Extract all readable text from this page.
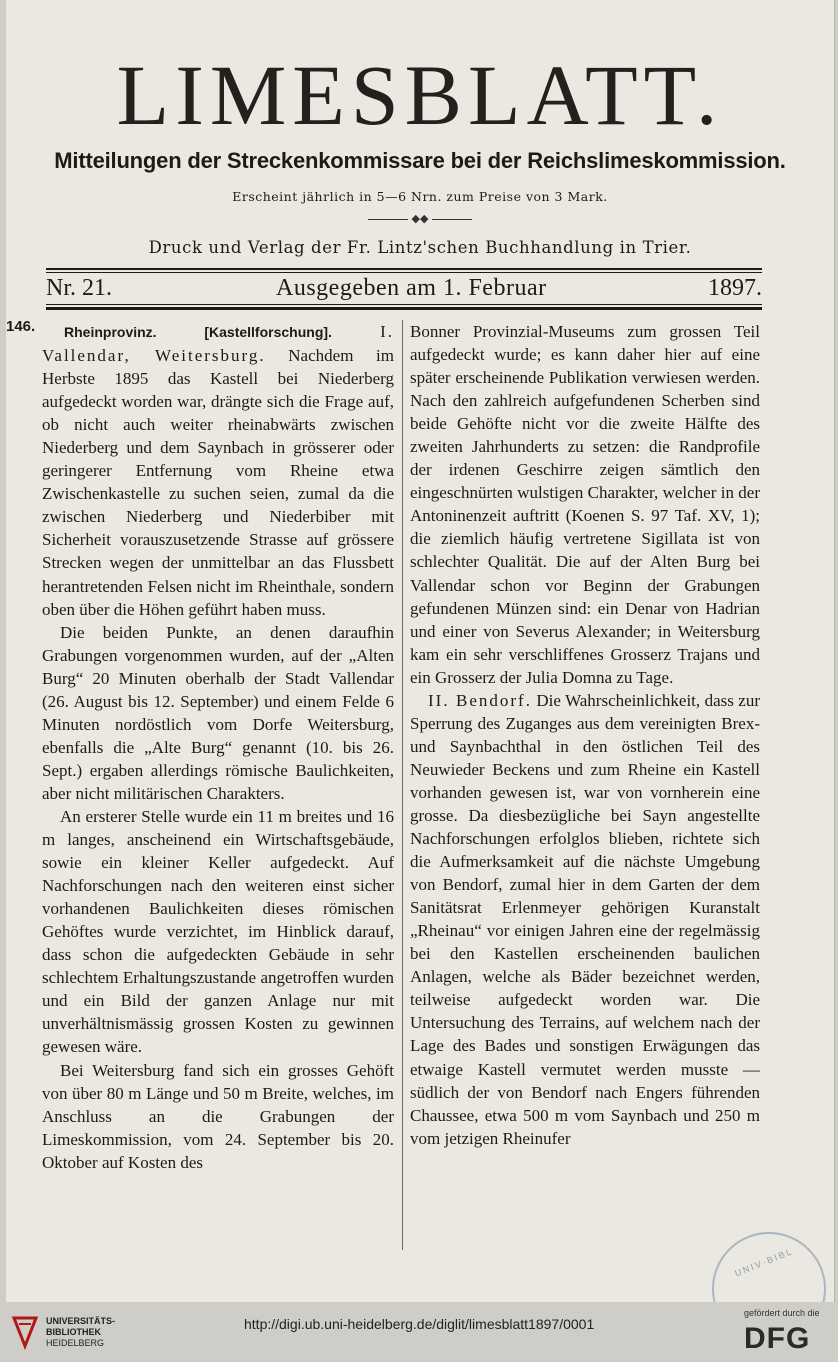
LIMESBLATT.
Mitteilungen der Streckenkommissare bei der Reichslimeskommission.
Erscheint jährlich in 5—6 Nrn. zum Preise von 3 Mark.
◆◆
Druck und Verlag der Fr. Lintz'schen Buchhandlung in Trier.
Nr. 21.	Ausgegeben am 1. Februar	1897.
146.	Rheinprovinz. [Kastellforschung].	I. Vallendar, Weitersburg. Nachdem im Herbste 1895 das Kastell bei Niederberg aufgedeckt worden war, drängte sich die Frage auf, ob nicht auch weiter rheinabwärts zwischen Niederberg und dem Saynbach in grösserer oder geringerer Entfernung vom Rheine etwa Zwischenkastelle zu suchen seien, zumal da die zwischen Niederberg und Niederbiber mit Sicherheit vorauszusetzende Strasse auf grössere Strecken wegen der unmittelbar an das Flussbett herantretenden Felsen nicht im Rheinthale, sondern oben über die Höhen geführt haben muss.

Die beiden Punkte, an denen daraufhin Grabungen vorgenommen wurden, auf der „Alten Burg“ 20 Minuten oberhalb der Stadt Vallendar (26. August bis 12. September) und einem Felde 6 Minuten nordöstlich vom Dorfe Weitersburg, ebenfalls die „Alte Burg“ genannt (10. bis 26. Sept.) ergaben allerdings römische Baulichkeiten, aber nicht militärischen Charakters.

An ersterer Stelle wurde ein 11 m breites und 16 m langes, anscheinend ein Wirtschaftsgebäude, sowie ein kleiner Keller aufgedeckt. Auf Nachforschungen nach den weiteren einst sicher vorhandenen Baulichkeiten dieses römischen Gehöftes wurde verzichtet, im Hinblick darauf, dass schon die aufgedeckten Gebäude in sehr schlechtem Erhaltungszustande angetroffen wurden und ein Bild der ganzen Anlage nur mit unverhältnismässig grossen Kosten zu gewinnen gewesen wäre.

Bei Weitersburg fand sich ein grosses Gehöft von über 80 m Länge und 50 m Breite, welches, im Anschluss an die Grabungen der Limeskommission, vom 24. September bis 20. Oktober auf Kosten des

Bonner Provinzial-Museums zum grossen Teil aufgedeckt wurde; es kann daher hier auf eine später erscheinende Publikation verwiesen werden. Nach den zahlreich aufgefundenen Scherben sind beide Gehöfte nicht vor die zweite Hälfte des zweiten Jahrhunderts zu setzen: die Randprofile der irdenen Geschirre zeigen sämtlich den eingeschnürten wulstigen Charakter, welcher in der Antoninenzeit auftritt (Koenen S. 97 Taf. XV, 1); die ziemlich häufig vertretene Sigillata ist von schlechter Qualität. Die auf der Alten Burg bei Vallendar schon vor Beginn der Grabungen gefundenen Münzen sind: ein Denar von Hadrian und einer von Severus Alexander; in Weitersburg kam ein sehr verschliffenes Grosserz Trajans und ein Grosserz der Julia Domna zu Tage.

II. Bendorf. Die Wahrscheinlichkeit, dass zur Sperrung des Zuganges aus dem vereinigten Brex- und Saynbachthal in den östlichen Teil des Neuwieder Beckens und zum Rheine ein Kastell vorhanden gewesen ist, war von vornherein eine grosse. Da diesbezügliche bei Sayn angestellte Nachforschungen erfolglos blieben, richtete sich die Aufmerksamkeit auf die nächste Umgebung von Bendorf, zumal hier in dem Garten der dem Sanitätsrat Erlenmeyer gehörigen Kuranstalt „Rheinau“ vor einigen Jahren eine der regelmässig bei den Kastellen erscheinenden baulichen Anlagen, welche als Bäder bezeichnet werden, teilweise aufgedeckt worden war. Die Untersuchung des Terrains, auf welchem nach der Lage des Bades und sonstigen Erwägungen das etwaige Kastell vermutet werden musste — südlich der von Bendorf nach Engers führenden Chaussee, etwa 500 m vom Saynbach und 250 m vom jetzigen Rheinufer

UNIV·BIBL
UNIVERSITÄTS-
BIBLIOTHEK
HEIDELBERG
http://digi.ub.uni-heidelberg.de/diglit/limesblatt1897/0001
gefördert durch die
DFG
